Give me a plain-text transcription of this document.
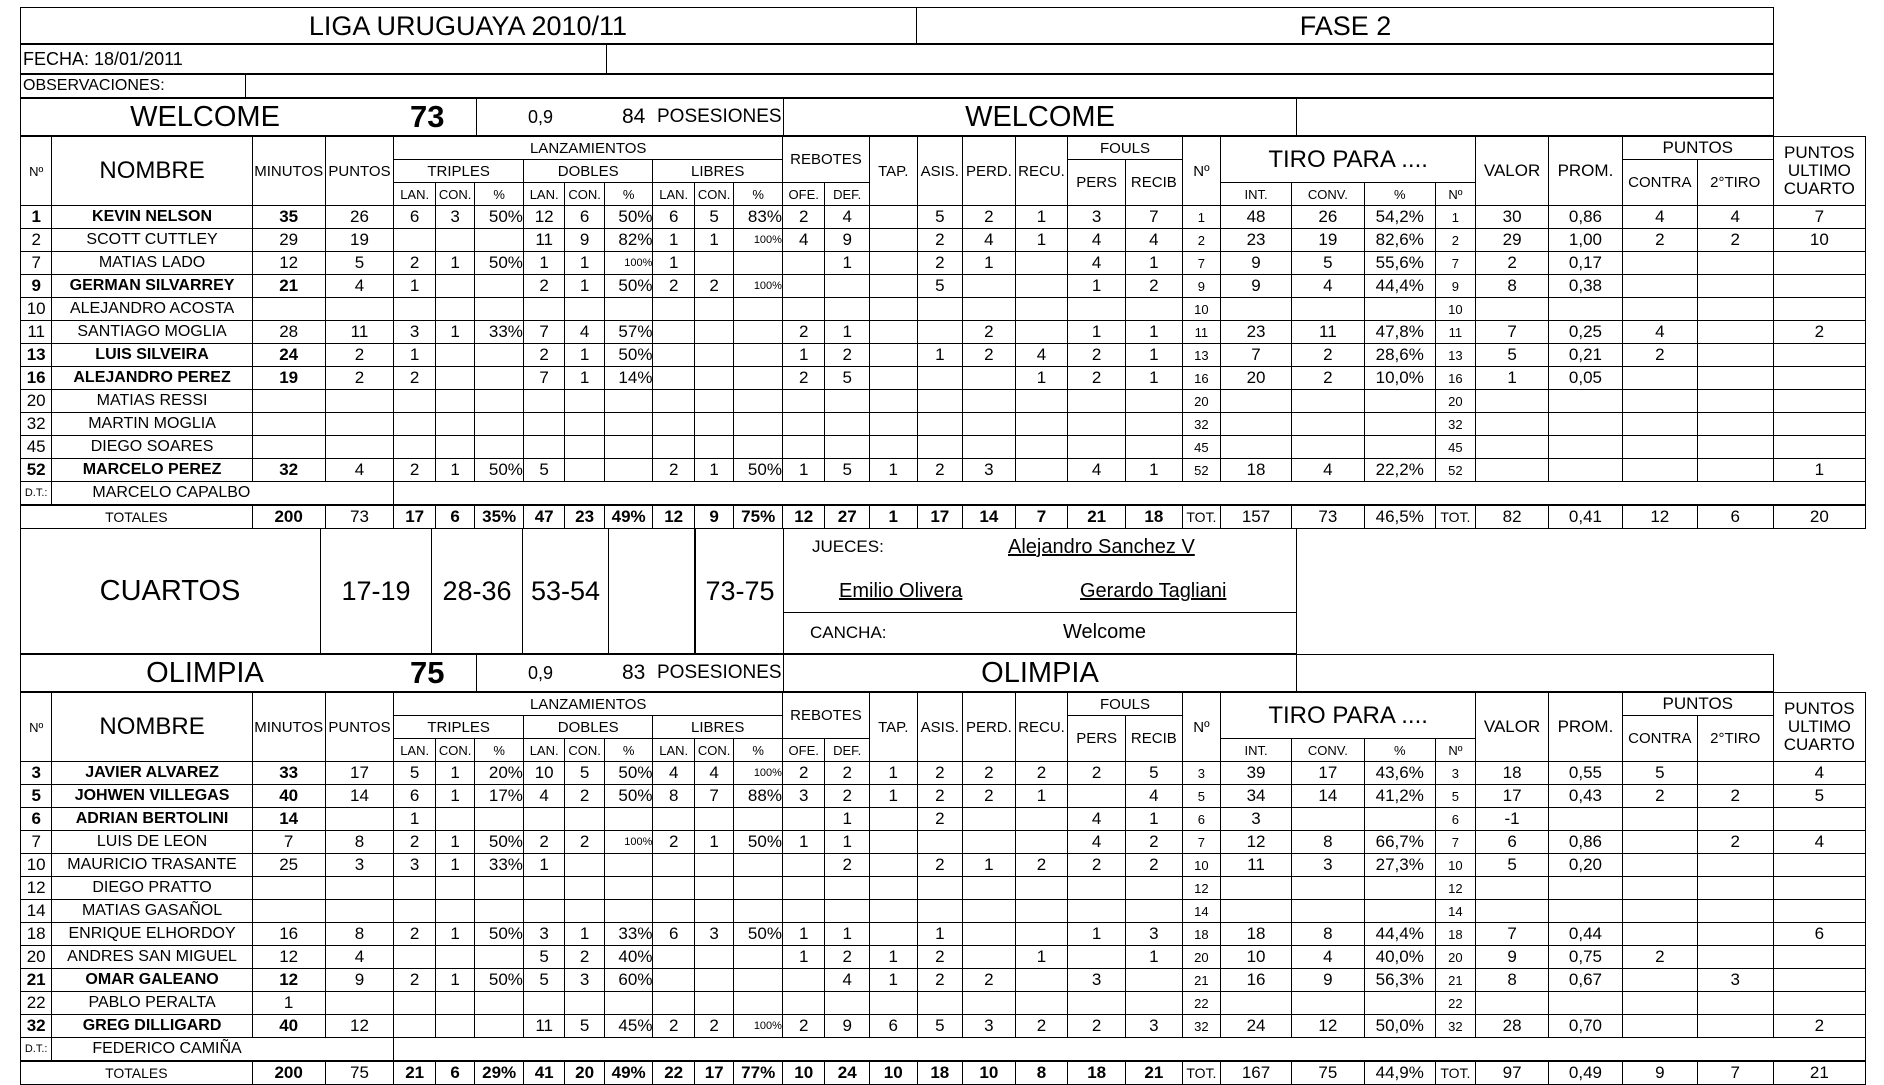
LIGA URUGUAYA 2010/11	FASE 2
FECHA: 18/01/2011
OBSERVACIONES:
WELCOME	73	0,9	84 POSESIONES	WELCOME
Nº	NOMBRE	MINUTOS	PUNTOS	LANZAMIENTOS									REBOTES		TAP.	ASIS.	PERD.	RECU.	FOULS		Nº	TIRO PARA ....				VALOR	PROM.	PUNTOS		PUNTOS ULTIMO CUARTO
				TRIPLES			DOBLES			LIBRES									PERS	RECIB								CONTRA	2°TIRO	
				LAN.	CON.	%	LAN.	CON.	%	LAN.	CON.	%	OFE.	DEF.								INT.	CONV.	%	Nº					
1	KEVIN NELSON	35	26	6	3	50%	12	6	50%	6	5	83%	2	4		5	2	1	3	7	1	48	26	54,2%	1	30	0,86	4	4	7
2	SCOTT CUTTLEY	29	19				11	9	82%	1	1	100%	4	9		2	4	1	4	4	2	23	19	82,6%	2	29	1,00	2	2	10
7	MATIAS LADO	12	5	2	1	50%	1	1	100%	1				1		2	1		4	1	7	9	5	55,6%	7	2	0,17			
9	GERMAN SILVARREY	21	4	1			2	1	50%	2	2	100%				5			1	2	9	9	4	44,4%	9	8	0,38			
10	ALEJANDRO ACOSTA																				10				10					
11	SANTIAGO MOGLIA	28	11	3	1	33%	7	4	57%				2	1			2		1	1	11	23	11	47,8%	11	7	0,25	4		2
13	LUIS SILVEIRA	24	2	1			2	1	50%				1	2		1	2	4	2	1	13	7	2	28,6%	13	5	0,21	2		
16	ALEJANDRO PEREZ	19	2	2			7	1	14%				2	5				1	2	1	16	20	2	10,0%	16	1	0,05			
20	MATIAS RESSI																				20				20					
32	MARTIN MOGLIA																				32				32					
45	DIEGO SOARES																				45				45					
52	MARCELO PEREZ	32	4	2	1	50%	5			2	1	50%	1	5	1	2	3		4	1	52	18	4	22,2%	52					1
D.T.:	MARCELO CAPALBO																													
TOTALES		200	73	17	6	35%	47	23	49%	12	9	75%	12	27	1	17	14	7	21	18	TOT.	157	73	46,5%	TOT.	82	0,41	12	6	20
CUARTOS	17-19	28-36 53-54	73-75
JUECES:	Alejandro Sanchez V
Emilio Olivera	Gerardo Tagliani
CANCHA:	Welcome
OLIMPIA	75	0,9	83 POSESIONES	OLIMPIA
Nº	NOMBRE	MINUTOS	PUNTOS	LANZAMIENTOS									REBOTES		TAP.	ASIS.	PERD.	RECU.	FOULS		Nº	TIRO PARA ....				VALOR	PROM.	PUNTOS		PUNTOS ULTIMO CUARTO
				TRIPLES			DOBLES			LIBRES									PERS	RECIB								CONTRA	2°TIRO	
				LAN.	CON.	%	LAN.	CON.	%	LAN.	CON.	%	OFE.	DEF.								INT.	CONV.	%	Nº					
3	JAVIER ALVAREZ	33	17	5	1	20%	10	5	50%	4	4	100%	2	2	1	2	2	2	2	5	3	39	17	43,6%	3	18	0,55	5		4
5	JOHWEN VILLEGAS	40	14	6	1	17%	4	2	50%	8	7	88%	3	2	1	2	2	1		4	5	34	14	41,2%	5	17	0,43	2	2	5
6	ADRIAN BERTOLINI	14		1										1		2			4	1	6	3			6	-1				
7	LUIS DE LEON	7	8	2	1	50%	2	2	100%	2	1	50%	1	1					4	2	7	12	8	66,7%	7	6	0,86		2	4
10	MAURICIO TRASANTE	25	3	3	1	33%	1							2		2	1	2	2	2	10	11	3	27,3%	10	5	0,20			
12	DIEGO PRATTO																				12				12					
14	MATIAS GASAÑOL																				14				14					
18	ENRIQUE ELHORDOY	16	8	2	1	50%	3	1	33%	6	3	50%	1	1		1			1	3	18	18	8	44,4%	18	7	0,44			6
20	ANDRES SAN MIGUEL	12	4				5	2	40%				1	2	1	2		1		1	20	10	4	40,0%	20	9	0,75	2		
21	OMAR GALEANO	12	9	2	1	50%	5	3	60%					4	1	2	2		3		21	16	9	56,3%	21	8	0,67		3	
22	PABLO PERALTA	1																			22				22					
32	GREG DILLIGARD	40	12				11	5	45%	2	2	100%	2	9	6	5	3	2	2	3	32	24	12	50,0%	32	28	0,70			2
D.T.:	FEDERICO CAMIÑA																													
TOTALES		200	75	21	6	29%	41	20	49%	22	17	77%	10	24	10	18	10	8	18	21	TOT.	167	75	44,9%	TOT.	97	0,49	9	7	21
